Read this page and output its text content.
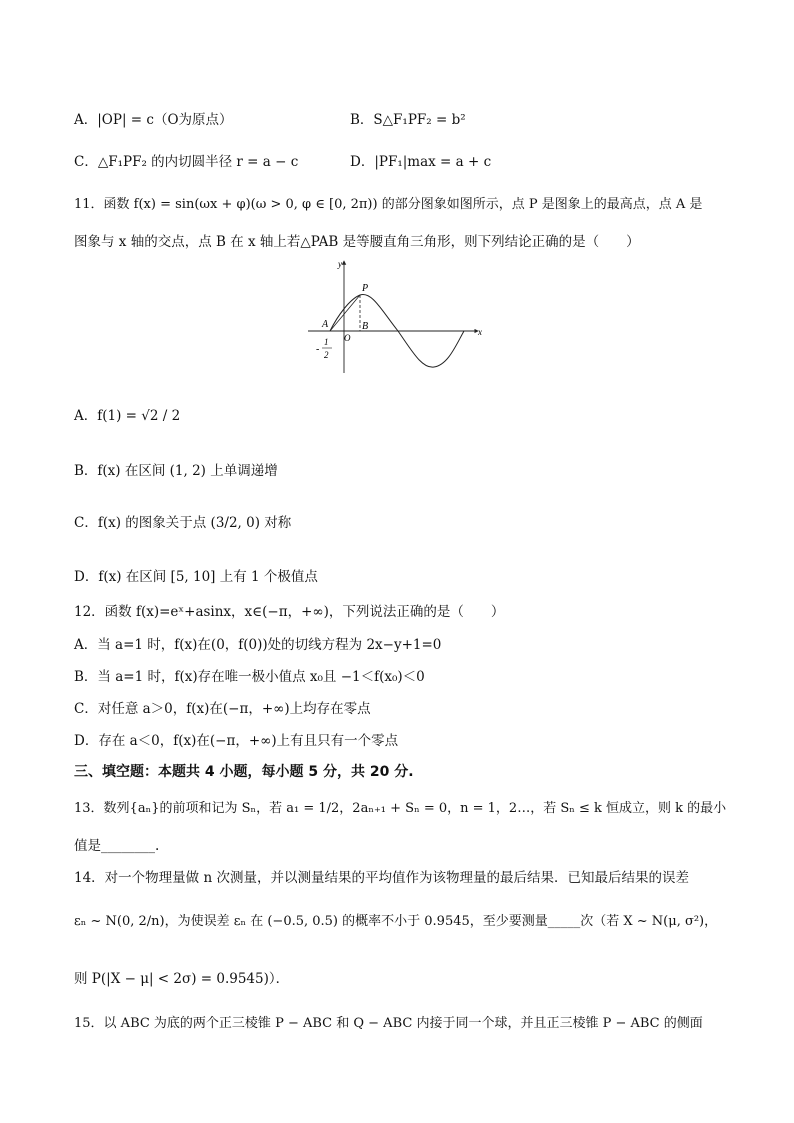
A．|OP| = c（O为原点）	B．S△F₁PF₂ = b²
C．△F₁PF₂ 的内切圆半径 r = a − c	D．|PF₁|max = a + c
11．函数 f(x) = sin(ωx + φ)(ω > 0, φ ∈ [0, 2π)) 的部分图象如图所示，点 P 是图象上的最高点，点 A 是
图象与 x 轴的交点，点 B 在 x 轴上若△PAB 是等腰直角三角形，则下列结论正确的是（　　）
y
x
P
A	B
O
-
1
2
A．f(1) = √2 / 2
B．f(x) 在区间 (1, 2) 上单调递增
C．f(x) 的图象关于点 (3/2, 0) 对称
D．f(x) 在区间 [5, 10] 上有 1 个极值点
12．函数 f(x)=eˣ+asinx，x∈(−π，+∞)，下列说法正确的是（　　）
A．当 a=1 时，f(x)在(0，f(0))处的切线方程为 2x−y+1=0
B．当 a=1 时，f(x)存在唯一极小值点 x₀且 −1＜f(x₀)＜0
C．对任意 a＞0，f(x)在(−π，+∞)上均存在零点
D．存在 a＜0，f(x)在(−π，+∞)上有且只有一个零点
三、填空题：本题共 4 小题，每小题 5 分，共 20 分.
13．数列{aₙ}的前项和记为 Sₙ，若 a₁ = 1/2，2aₙ₊₁ + Sₙ = 0，n = 1，2…，若 Sₙ ≤ k 恒成立，则 k 的最小
值是________.
14．对一个物理量做 n 次测量，并以测量结果的平均值作为该物理量的最后结果．已知最后结果的误差
εₙ ~ N(0, 2/n)，为使误差 εₙ 在 (−0.5, 0.5) 的概率不小于 0.9545，至少要测量_____次（若 X ~ N(μ, σ²)，
则 P(|X − μ| < 2σ) = 0.9545)）．
15．以 ABC 为底的两个正三棱锥 P − ABC 和 Q − ABC 内接于同一个球，并且正三棱锥 P − ABC 的侧面
